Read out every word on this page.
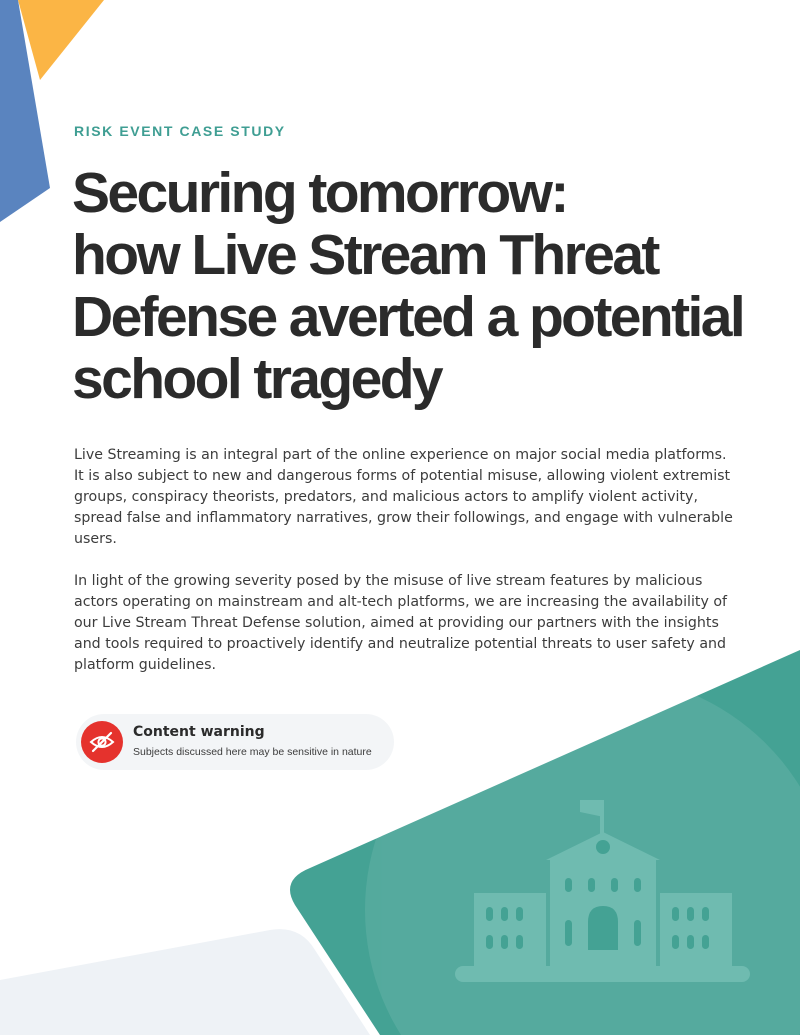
RISK EVENT CASE STUDY
Securing tomorrow:
how Live Stream Threat
Defense averted a potential
school tragedy

Live Streaming is an integral part of the online experience on major social media platforms. It is also subject to new and dangerous forms of potential misuse, allowing violent extremist groups, conspiracy theorists, predators, and malicious actors to amplify violent activity, spread false and inflammatory narratives, grow their followings, and engage with vulnerable users.

In light of the growing severity posed by the misuse of live stream features by malicious actors operating on mainstream and alt-tech platforms, we are increasing the availability of our Live Stream Threat Defense solution, aimed at providing our partners with the insights and tools required to proactively identify and neutralize potential threats to user safety and platform guidelines.

Content warning
Subjects discussed here may be sensitive in nature
